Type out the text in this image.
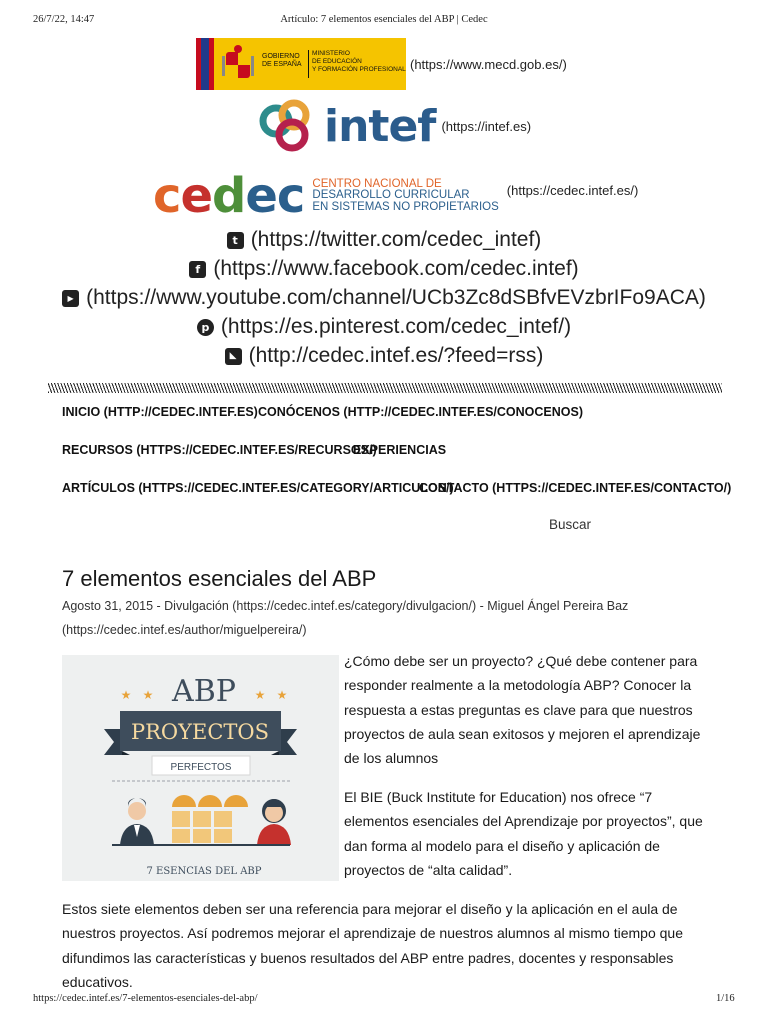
26/7/22, 14:47	Artículo: 7 elementos esenciales del ABP | Cedec
GOBIERNO
DE ESPAÑA
MINISTERIO
DE EDUCACIÓN
Y FORMACIÓN PROFESIONAL (https://www.mecd.gob.es/)
intef (https://intef.es)
cedec CENTRO NACIONAL DE
DESARROLLO CURRICULAR
EN SISTEMAS NO PROPIETARIOS
(https://cedec.intef.es/)
t (https://twitter.com/cedec_intef)
f (https://www.facebook.com/cedec.intef)
▶ (https://www.youtube.com/channel/UCb3Zc8dSBfvEVzbrIFo9ACA)
p (https://es.pinterest.com/cedec_intef/)
◣ (http://cedec.intef.es/?feed=rss)
INICIO (HTTP://CEDEC.INTEF.ES) CONÓCENOS (HTTP://CEDEC.INTEF.ES/CONOCENOS)
RECURSOS (HTTPS://CEDEC.INTEF.ES/RECURSOS/)
EXPERIENCIAS
ARTÍCULOS (HTTPS://CEDEC.INTEF.ES/CATEGORY/ARTICULOS/)
CONTACTO (HTTPS://CEDEC.INTEF.ES/CONTACTO/)
Buscar
7 elementos esenciales del ABP
Agosto 31, 2015 - Divulgación (https://cedec.intef.es/category/divulgacion/) - Miguel Ángel Pereira Baz
(https://cedec.intef.es/author/miguelpereira/)
ABP
★ ★	★ ★
PROYECTOS
PERFECTOS
7 ESENCIAS DEL ABP
¿Cómo debe ser un proyecto? ¿Qué debe contener para responder realmente a la metodología ABP? Conocer la respuesta a estas preguntas es clave para que nuestros proyectos de aula sean exitosos y mejoren el aprendizaje de los alumnos
El BIE (Buck Institute for Education) nos ofrece “7 elementos esenciales del Aprendizaje por proyectos”, que dan forma al modelo para el diseño y aplicación de proyectos de “alta calidad”.
Estos siete elementos deben ser una referencia para mejorar el diseño y la aplicación en el aula de nuestros proyectos. Así podremos mejorar el aprendizaje de nuestros alumnos al mismo tiempo que difundimos las características y buenos resultados del ABP entre padres, docentes y responsables educativos.
https://cedec.intef.es/7-elementos-esenciales-del-abp/	1/16
